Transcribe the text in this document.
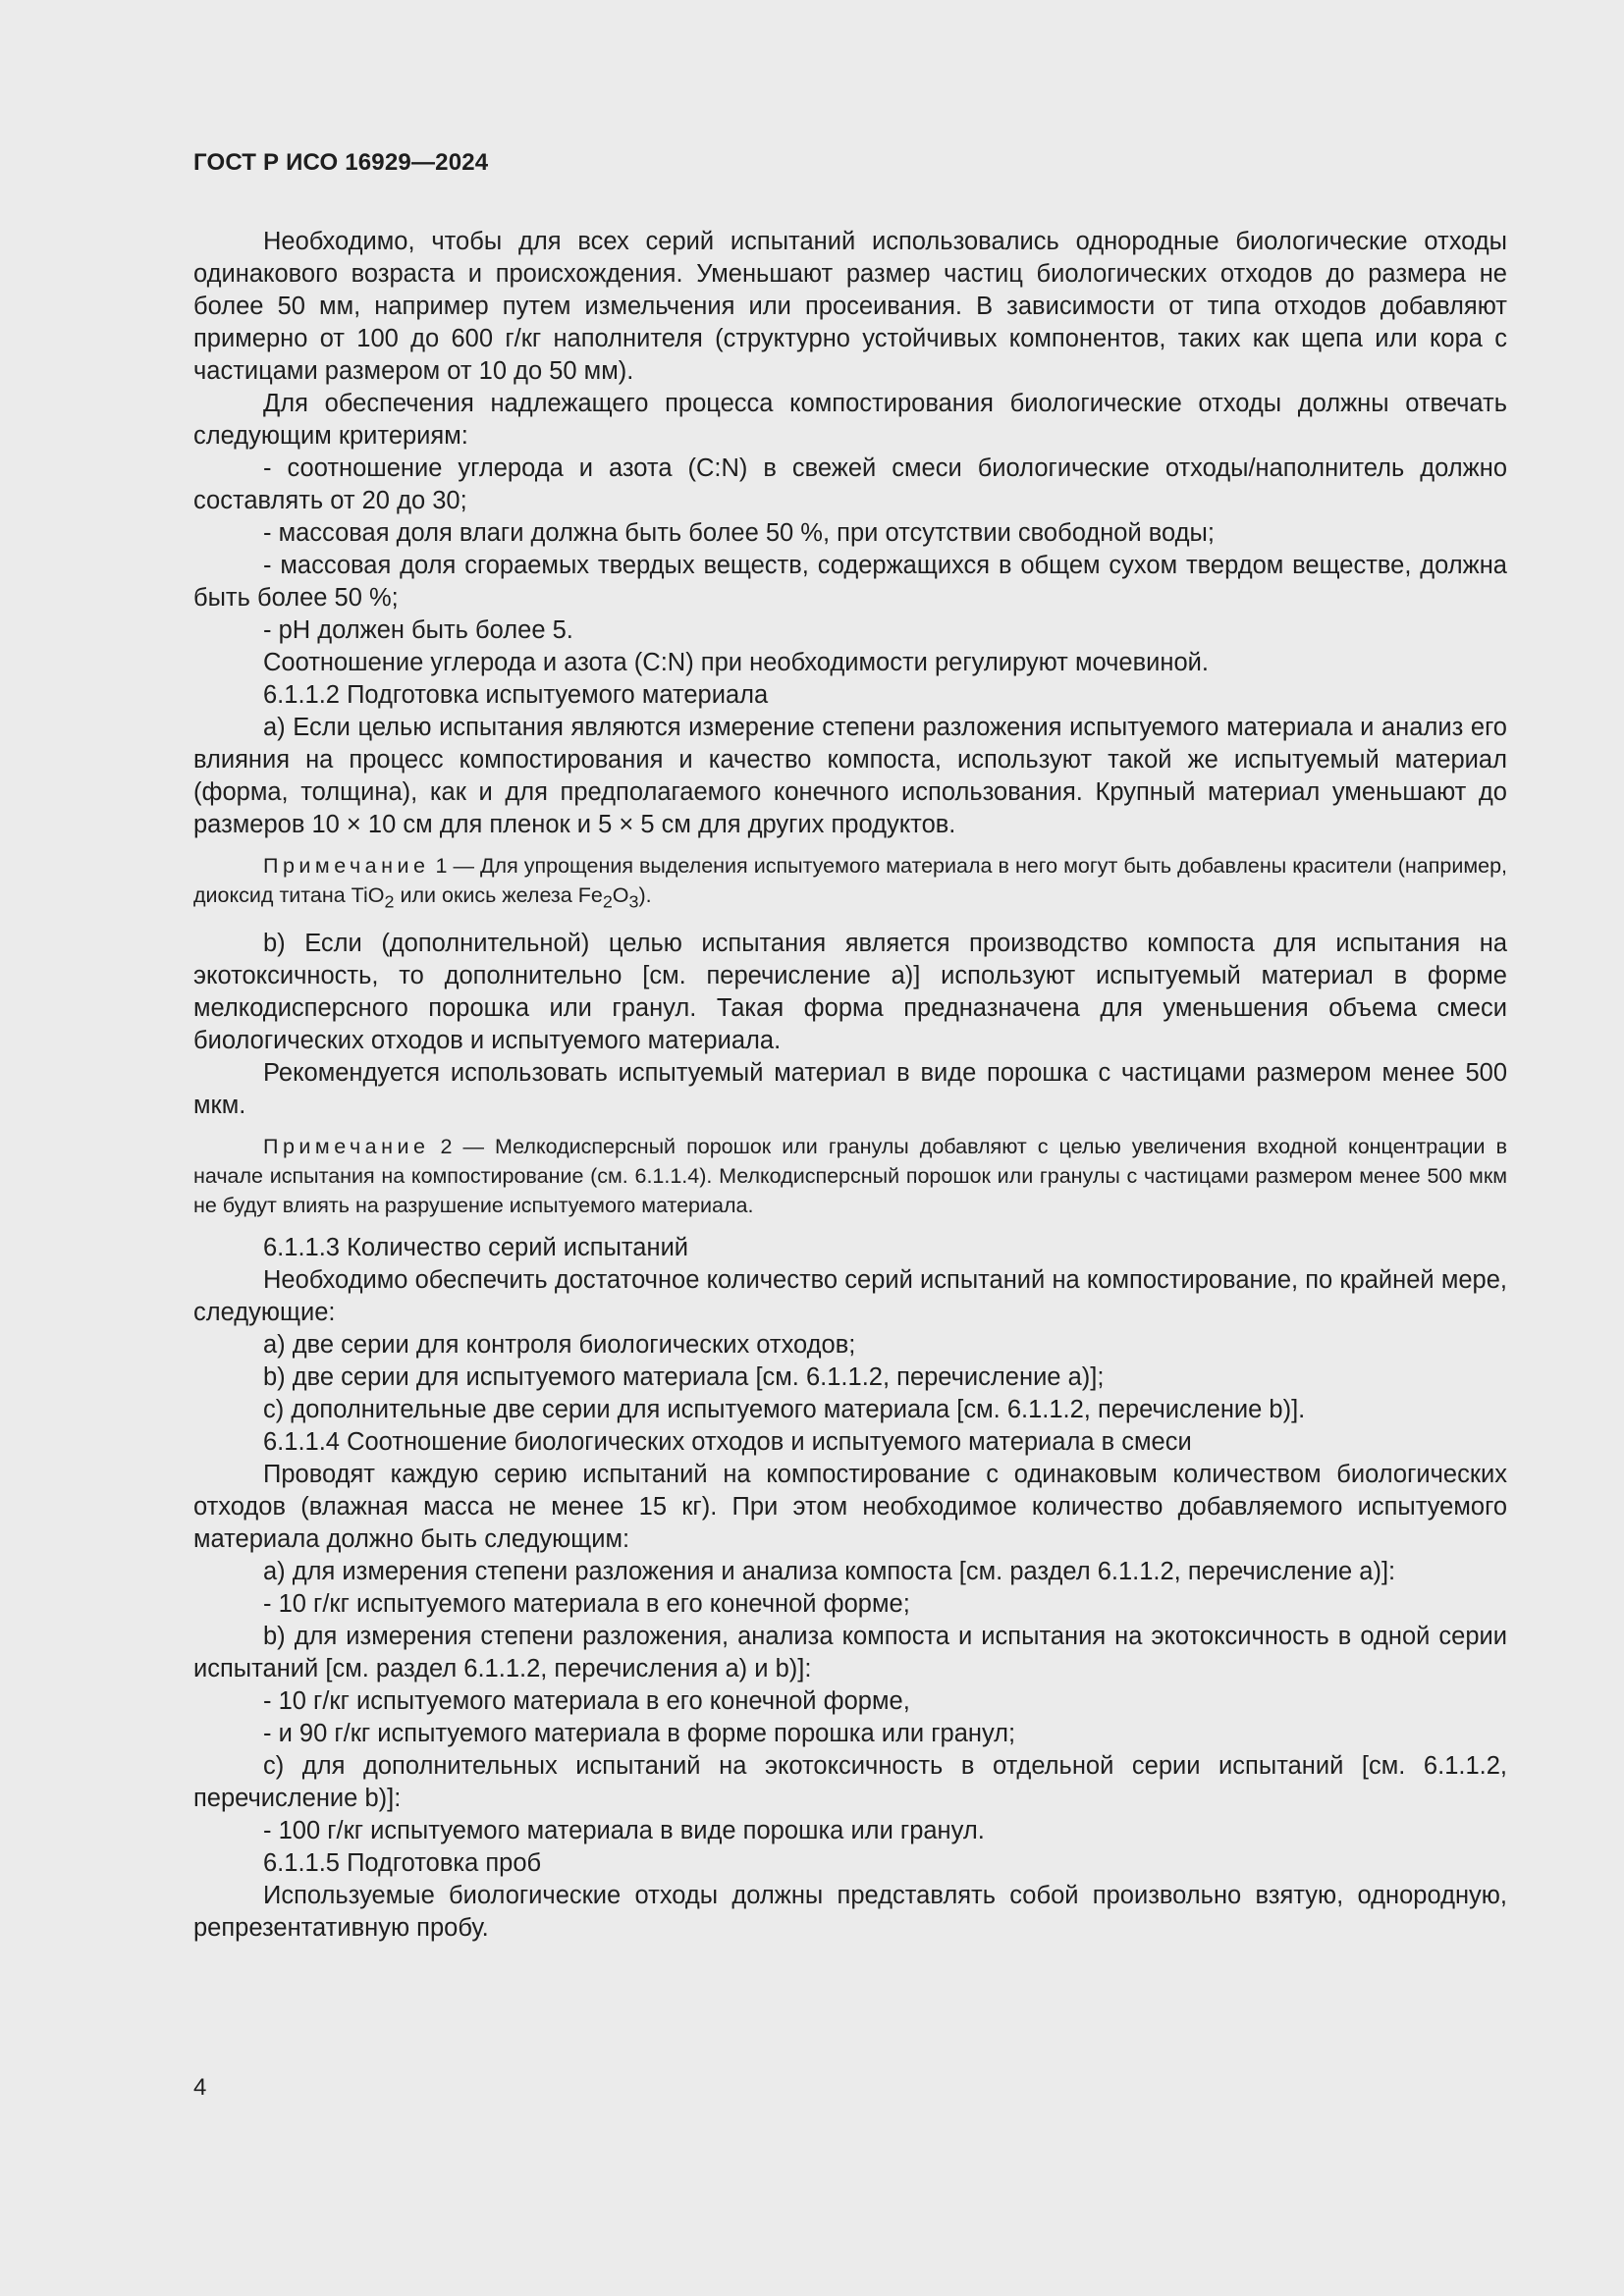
ГОСТ Р ИСО 16929—2024

Необходимо, чтобы для всех серий испытаний использовались однородные биологические отходы одинакового возраста и происхождения. Уменьшают размер частиц биологических отходов до размера не более 50 мм, например путем измельчения или просеивания. В зависимости от типа отходов добавляют примерно от 100 до 600 г/кг наполнителя (структурно устойчивых компонентов, таких как щепа или кора с частицами размером от 10 до 50 мм).

Для обеспечения надлежащего процесса компостирования биологические отходы должны отвечать следующим критериям:

- соотношение углерода и азота (C:N) в свежей смеси биологические отходы/наполнитель должно составлять от 20 до 30;

- массовая доля влаги должна быть более 50 %, при отсутствии свободной воды;

- массовая доля сгораемых твердых веществ, содержащихся в общем сухом твердом веществе, должна быть более 50 %;

- pH должен быть более 5.

Соотношение углерода и азота (C:N) при необходимости регулируют мочевиной.

6.1.1.2 Подготовка испытуемого материала

а) Если целью испытания являются измерение степени разложения испытуемого материала и анализ его влияния на процесс компостирования и качество компоста, используют такой же испытуемый материал (форма, толщина), как и для предполагаемого конечного использования. Крупный материал уменьшают до размеров 10 × 10 см для пленок и 5 × 5 см для других продуктов.

Примечание 1 — Для упрощения выделения испытуемого материала в него могут быть добавлены красители (например, диоксид титана TiO$_2$ или окись железа $Fe_2O_3$).

b) Если (дополнительной) целью испытания является производство компоста для испытания на экотоксичность, то дополнительно [см. перечисление а)] используют испытуемый материал в форме мелкодисперсного порошка или гранул. Такая форма предназначена для уменьшения объема смеси биологических отходов и испытуемого материала.

Рекомендуется использовать испытуемый материал в виде порошка с частицами размером менее 500 мкм.

Примечание 2 — Мелкодисперсный порошок или гранулы добавляют с целью увеличения входной концентрации в начале испытания на компостирование (см. 6.1.1.4). Мелкодисперсный порошок или гранулы с частицами размером менее 500 мкм не будут влиять на разрушение испытуемого материала.

6.1.1.3 Количество серий испытаний

Необходимо обеспечить достаточное количество серий испытаний на компостирование, по крайней мере, следующие:

а) две серии для контроля биологических отходов;

b) две серии для испытуемого материала [см. 6.1.1.2, перечисление а)];

с) дополнительные две серии для испытуемого материала [см. 6.1.1.2, перечисление b)].

6.1.1.4 Соотношение биологических отходов и испытуемого материала в смеси

Проводят каждую серию испытаний на компостирование с одинаковым количеством биологических отходов (влажная масса не менее 15 кг). При этом необходимое количество добавляемого испытуемого материала должно быть следующим:

а) для измерения степени разложения и анализа компоста [см. раздел 6.1.1.2, перечисление а)]:

- 10 г/кг испытуемого материала в его конечной форме;

b) для измерения степени разложения, анализа компоста и испытания на экотоксичность в одной серии испытаний [см. раздел 6.1.1.2, перечисления а) и b)]:

- 10 г/кг испытуемого материала в его конечной форме,

- и 90 г/кг испытуемого материала в форме порошка или гранул;

с) для дополнительных испытаний на экотоксичность в отдельной серии испытаний [см. 6.1.1.2, перечисление b)]:

- 100 г/кг испытуемого материала в виде порошка или гранул.

6.1.1.5 Подготовка проб

Используемые биологические отходы должны представлять собой произвольно взятую, однородную, репрезентативную пробу.

4
